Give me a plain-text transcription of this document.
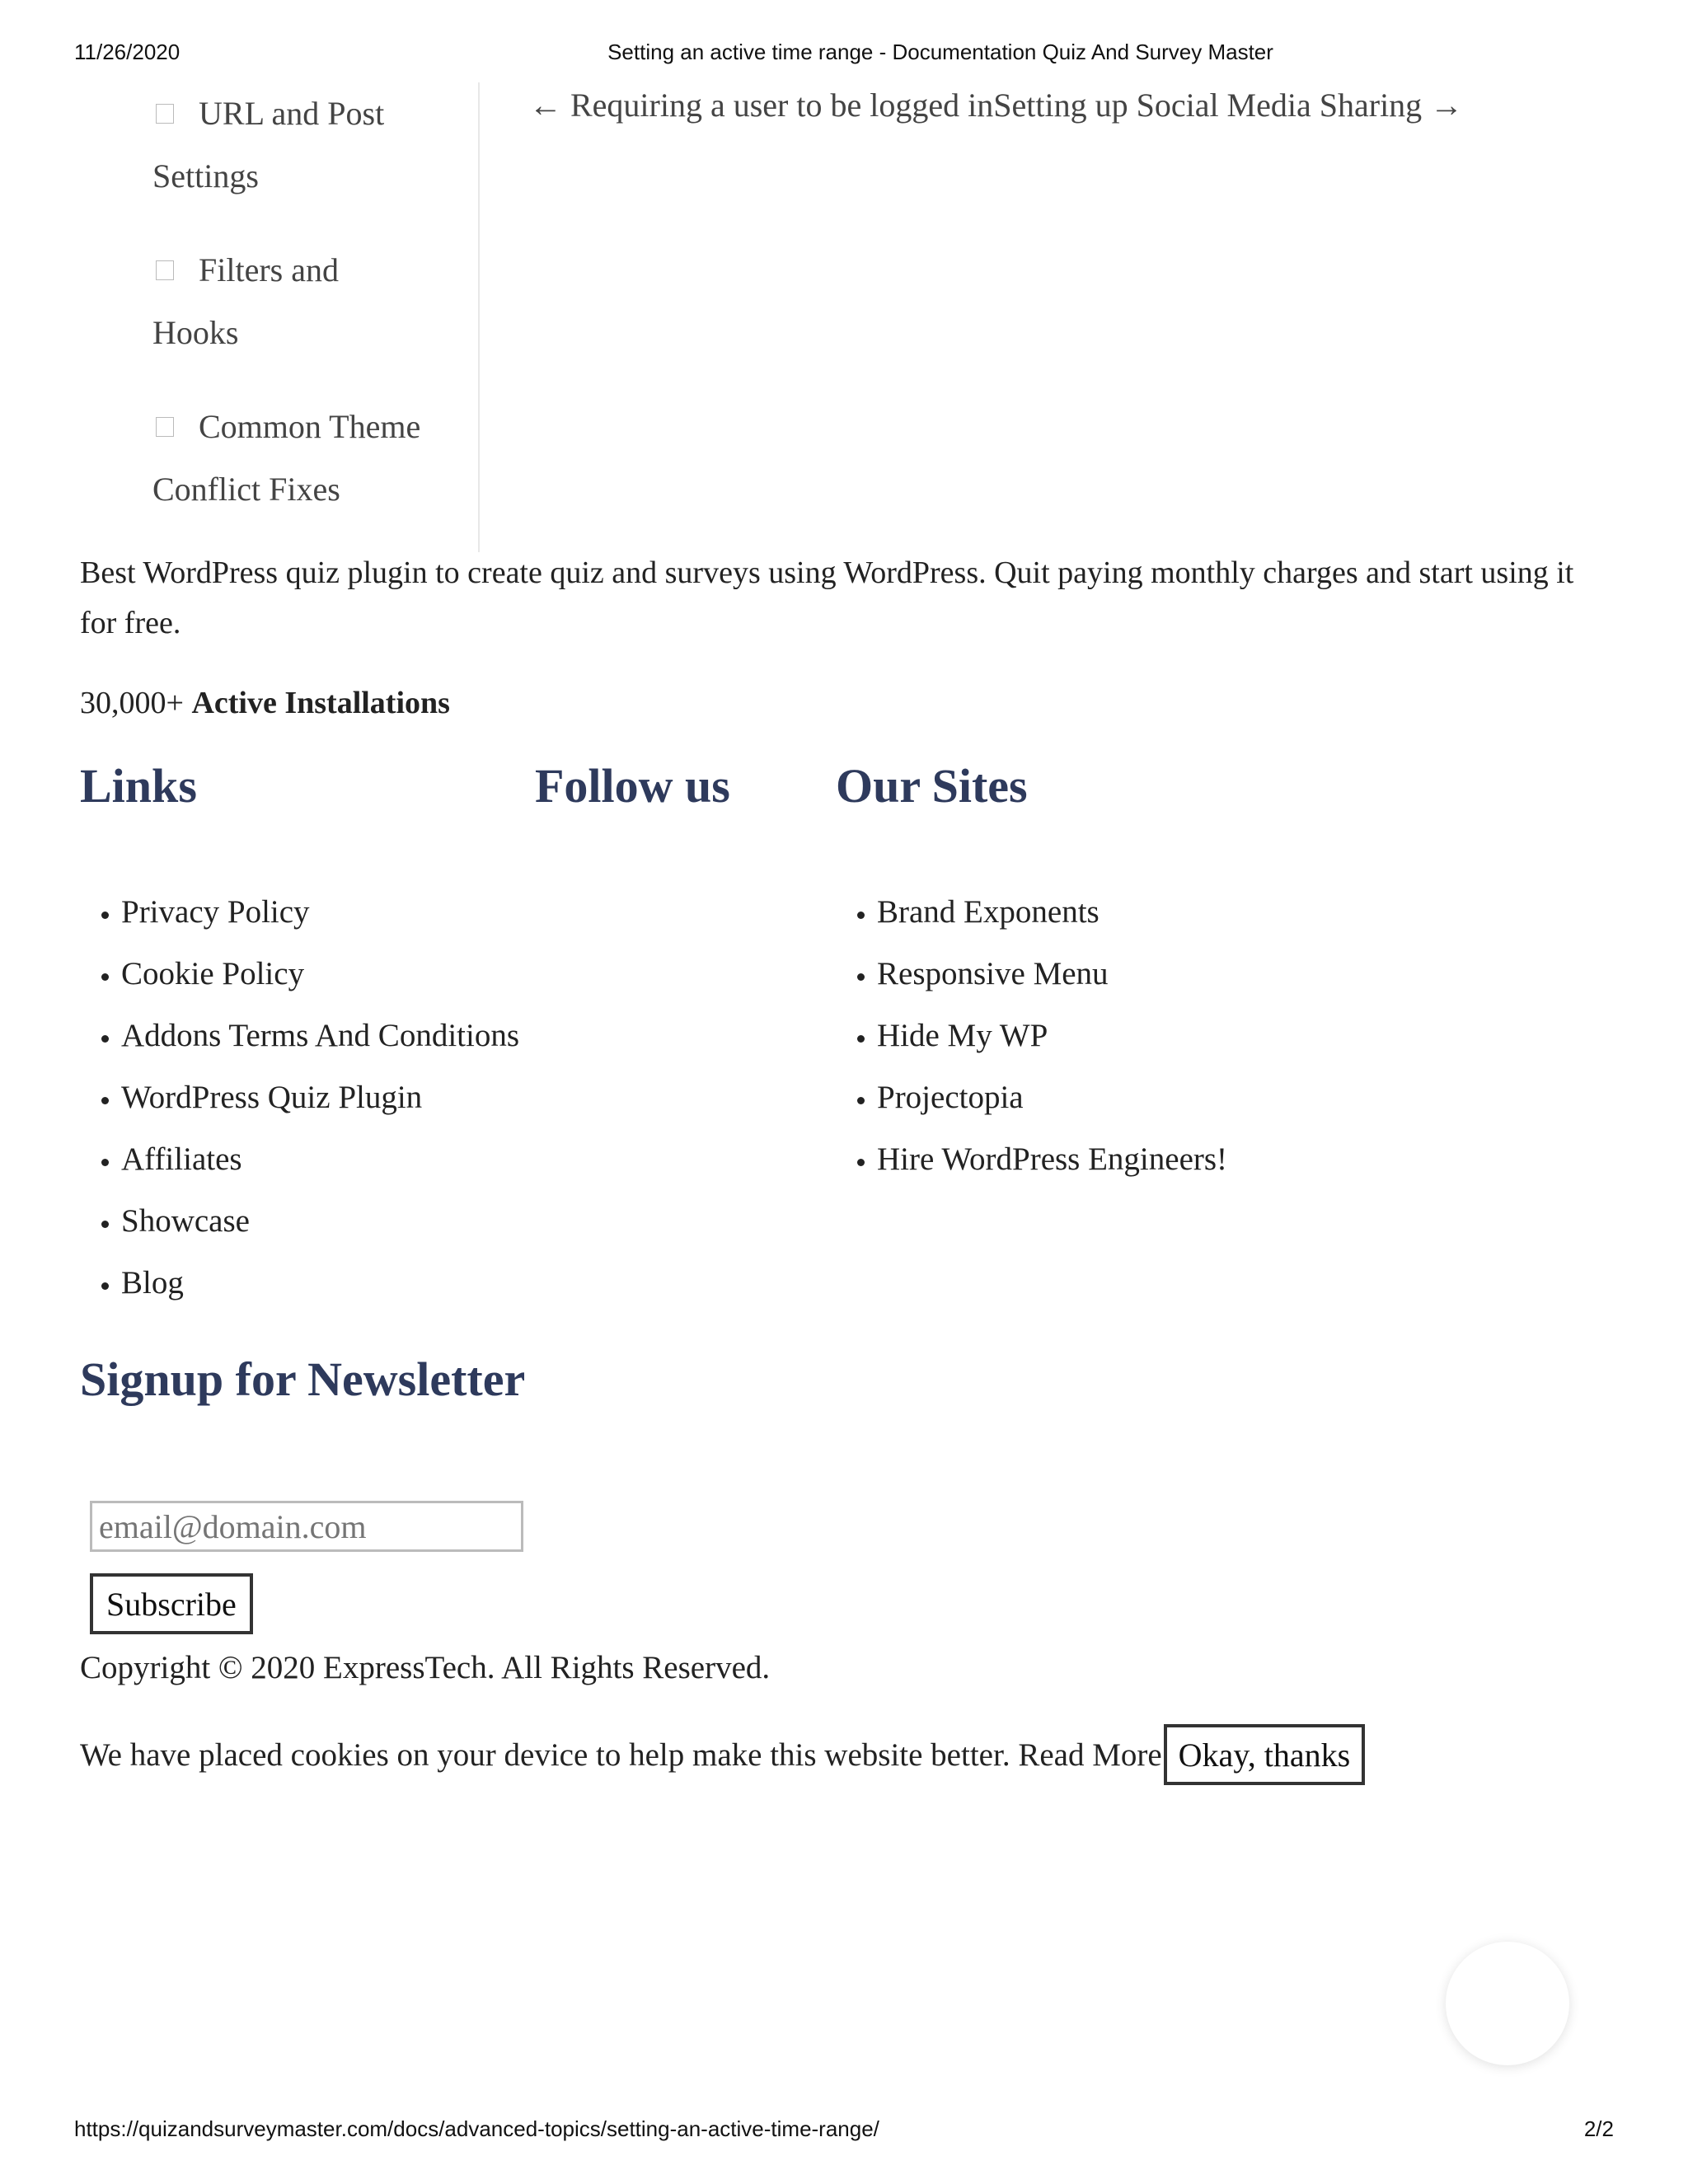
11/26/2020	Setting an active time range - Documentation Quiz And Survey Master
URL and Post
Settings
Filters and
Hooks
Common Theme
Conflict Fixes
← Requiring a user to be logged inSetting up Social Media Sharing →

Best WordPress quiz plugin to create quiz and surveys using WordPress. Quit paying monthly charges and start using it for free.

30,000+ Active Installations
Links
• Privacy Policy
• Cookie Policy
• Addons Terms And Conditions
• WordPress Quiz Plugin
• Affiliates
• Showcase
• Blog
Follow us Our Sites
• Brand Exponents
• Responsive Menu
• Hide My WP
• Projectopia
• Hire WordPress Engineers!
Signup for Newsletter
email@domain.com
Subscribe
Copyright © 2020 ExpressTech. All Rights Reserved.
We have placed cookies on your device to help make this website better. Read More Okay, thanks
https://quizandsurveymaster.com/docs/advanced-topics/setting-an-active-time-range/	2/2
